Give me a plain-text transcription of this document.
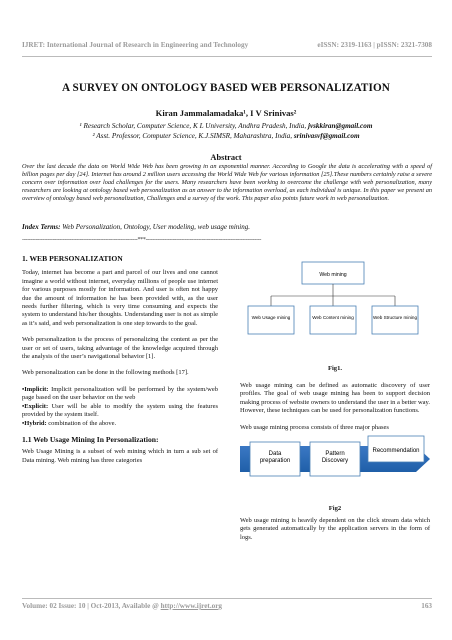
IJRET: International Journal of Research in Engineering and Technology	eISSN: 2319-1163 | pISSN: 2321-7308
A SURVEY ON ONTOLOGY BASED WEB PERSONALIZATION
Kiran Jammalamadaka¹, I V Srinivas²
¹ Research Scholar, Computer Science, K L University, Andhra Pradesh, India, jvskkiran@gmail.com
² Asst. Professor, Computer Science, K.J.SIMSR, Maharashtra, India, srinivasvf@gmail.com
Abstract
Over the last decade the data on World Wide Web has been growing in an exponential manner. According to Google the data is accelerating with a speed of billion pages per day [24]. Internet has around 2 million users accessing the World Wide Web for various information [25].These numbers certainly raise a severe concern over information over load challenges for the users. Many researchers have been working to overcome the challenge with web personalization, many researchers are looking at ontology based web personalization as an answer to the information overload, as each individual is unique. In this paper we present an overview of ontology based web personalization, Challenges and a survey of the work. This paper also points future work in web personalization.
Index Terms: Web Personalization, Ontology, User modeling, web usage mining.
--------------------------------------------------------------------***--------------------------------------------------------------------
1. WEB PERSONALIZATION

Today, internet has become a part and parcel of our lives and one cannot imagine a world without internet, everyday millions of people use internet for various purposes mostly for information. And user is often not happy due the amount of information he has been provided with, as the user needs further filtering, which is very time consuming and expects the system to understand his/her thoughts. Understanding user is not as simple as it’s said, and web personalization is one step towards to the goal.

Web personalization is the process of personalizing the content as per the user or set of users, taking advantage of the knowledge acquired through the analysis of the user’s navigational behavior [1].

Web personalization can be done in the following methods [17].

•Implicit: Implicit personalization will be performed by the system/web page based on the user behavior on the web
•Explicit: User will be able to modify the system using the features provided by the system itself.
•Hybrid: combination of the above.
1.1 Web Usage Mining In Personalization:

Web Usage Mining is a subset of web mining which in turn a sub set of Data mining. Web mining has three categories

Web mining
Web Usage mining	Web Content mining	Web Structure mining
Fig1.

Web usage mining can be defined as automatic discovery of user profiles. The goal of web usage mining has been to support decision making process of website owners to understand the user in a better way. However, these techniques can be used for personalization functions.

Web usage mining process consists of three major phases

Data preparation
Pattern Discovery
Recommendation
Fig2

Web usage mining is heavily dependent on the click stream data which gets generated automatically by the application servers in the form of logs.

Volume: 02 Issue: 10 | Oct-2013, Available @ http://www.ijret.org	163
